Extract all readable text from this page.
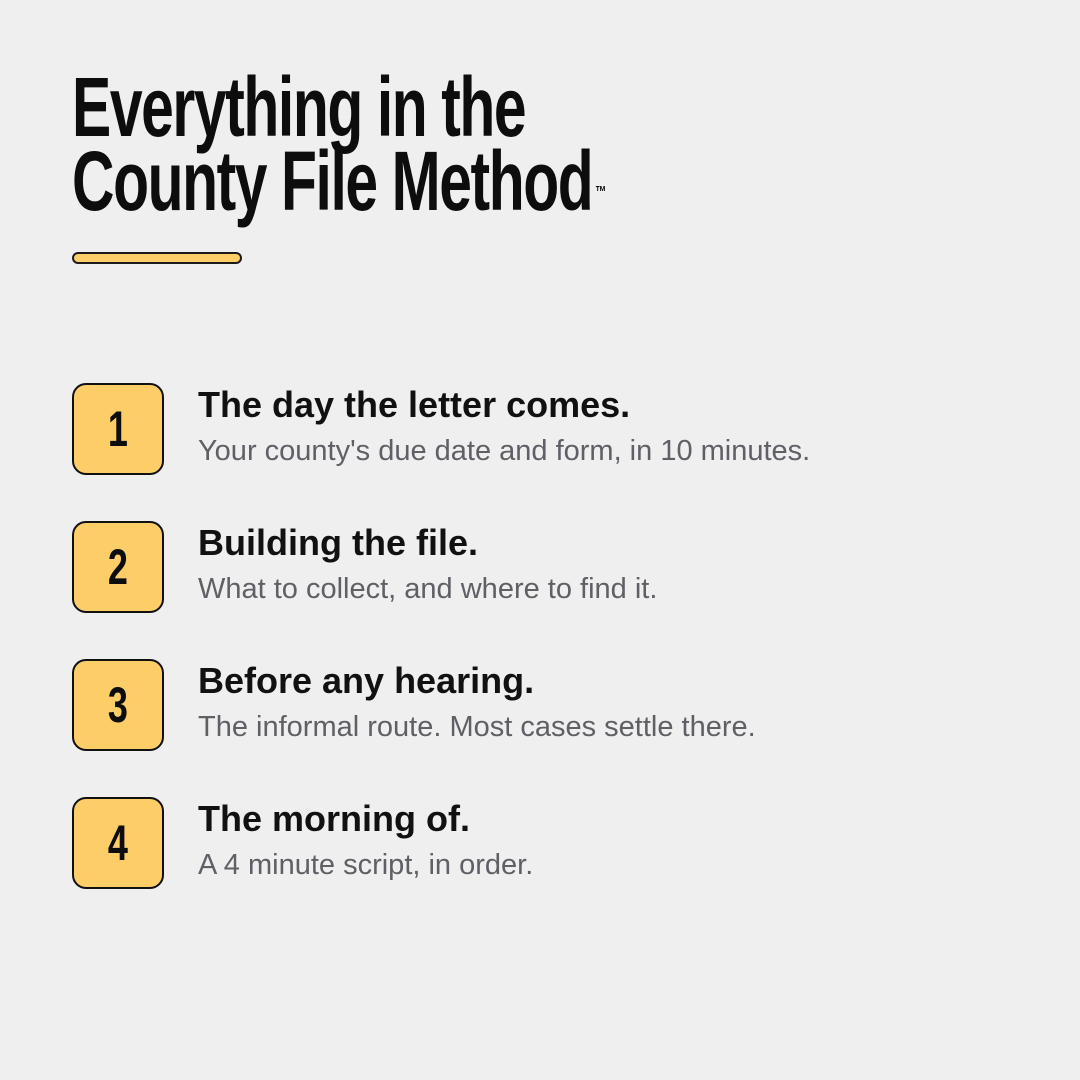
Everything in the
County File Method ™
1 The day the letter comes.
Your county's due date and form, in 10 minutes.
2 Building the file.
What to collect, and where to find it.
3 Before any hearing.
The informal route. Most cases settle there.
4 The morning of.
A 4 minute script, in order.
